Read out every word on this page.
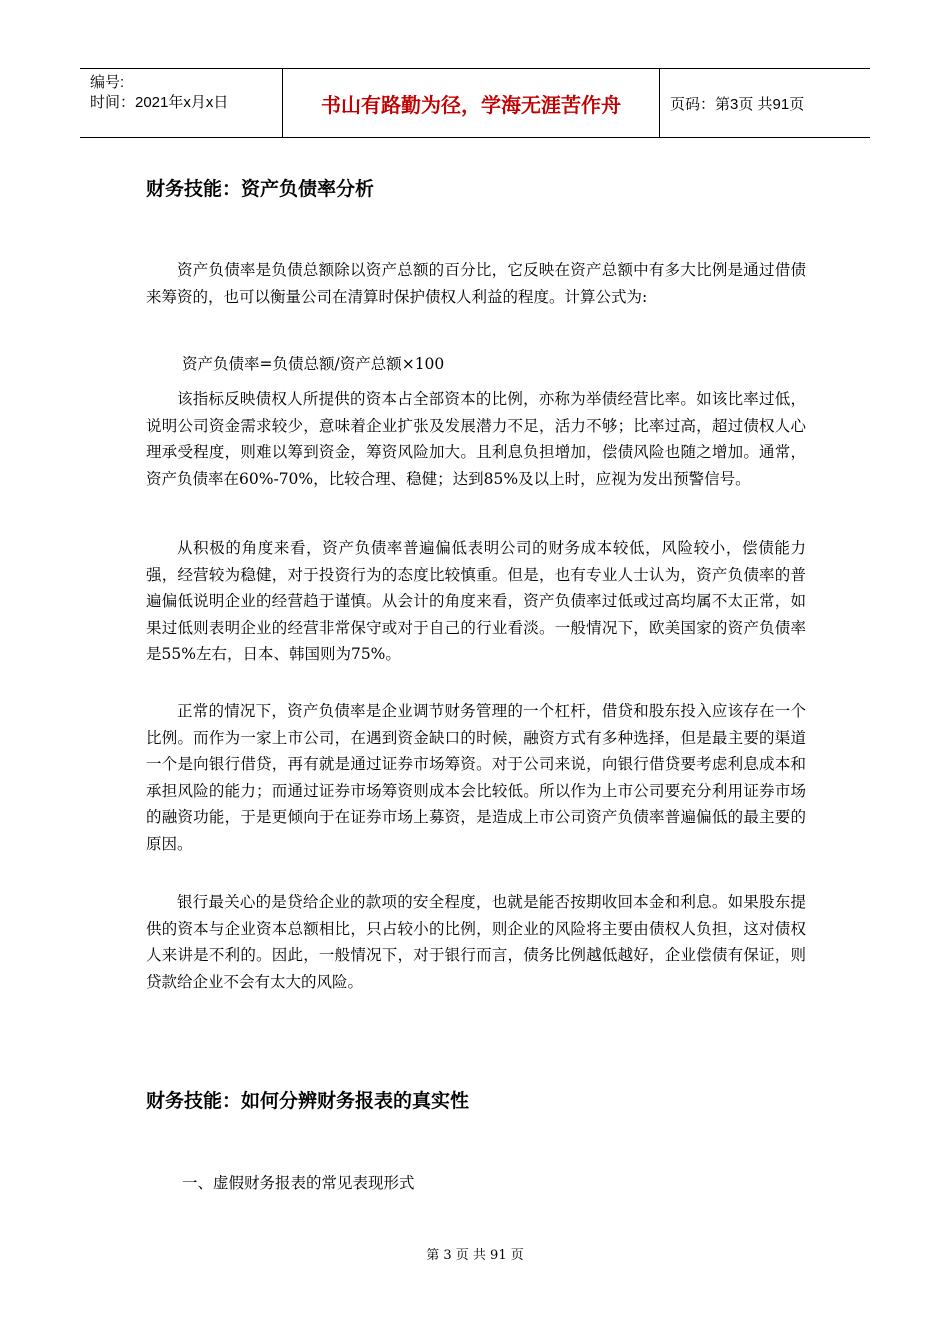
编号:
时间：2021年x月x日	书山有路勤为径，学海无涯苦作舟	页码：第3页 共91页
财务技能：资产负债率分析

资产负债率是负债总额除以资产总额的百分比，它反映在资产总额中有多大比例是通过借债来筹资的，也可以衡量公司在清算时保护债权人利益的程度。计算公式为:

资产负债率=负债总额/资产总额×100

该指标反映债权人所提供的资本占全部资本的比例，亦称为举债经营比率。如该比率过低，说明公司资金需求较少，意味着企业扩张及发展潜力不足，活力不够；比率过高，超过债权人心理承受程度，则难以筹到资金，筹资风险加大。且利息负担增加，偿债风险也随之增加。通常，资产负债率在60%-70%，比较合理、稳健；达到85%及以上时，应视为发出预警信号。

从积极的角度来看，资产负债率普遍偏低表明公司的财务成本较低，风险较小，偿债能力强，经营较为稳健，对于投资行为的态度比较慎重。但是，也有专业人士认为，资产负债率的普遍偏低说明企业的经营趋于谨慎。从会计的角度来看，资产负债率过低或过高均属不太正常，如果过低则表明企业的经营非常保守或对于自己的行业看淡。一般情况下，欧美国家的资产负债率是55%左右，日本、韩国则为75%。

正常的情况下，资产负债率是企业调节财务管理的一个杠杆，借贷和股东投入应该存在一个比例。而作为一家上市公司，在遇到资金缺口的时候，融资方式有多种选择，但是最主要的渠道一个是向银行借贷，再有就是通过证券市场筹资。对于公司来说，向银行借贷要考虑利息成本和承担风险的能力；而通过证券市场筹资则成本会比较低。所以作为上市公司要充分利用证券市场的融资功能，于是更倾向于在证券市场上募资，是造成上市公司资产负债率普遍偏低的最主要的原因。

银行最关心的是贷给企业的款项的安全程度，也就是能否按期收回本金和利息。如果股东提供的资本与企业资本总额相比，只占较小的比例，则企业的风险将主要由债权人负担，这对债权人来讲是不利的。因此，一般情况下，对于银行而言，债务比例越低越好，企业偿债有保证，则贷款给企业不会有太大的风险。

财务技能：如何分辨财务报表的真实性
一、虚假财务报表的常见表现形式
第 3 页 共 91 页
